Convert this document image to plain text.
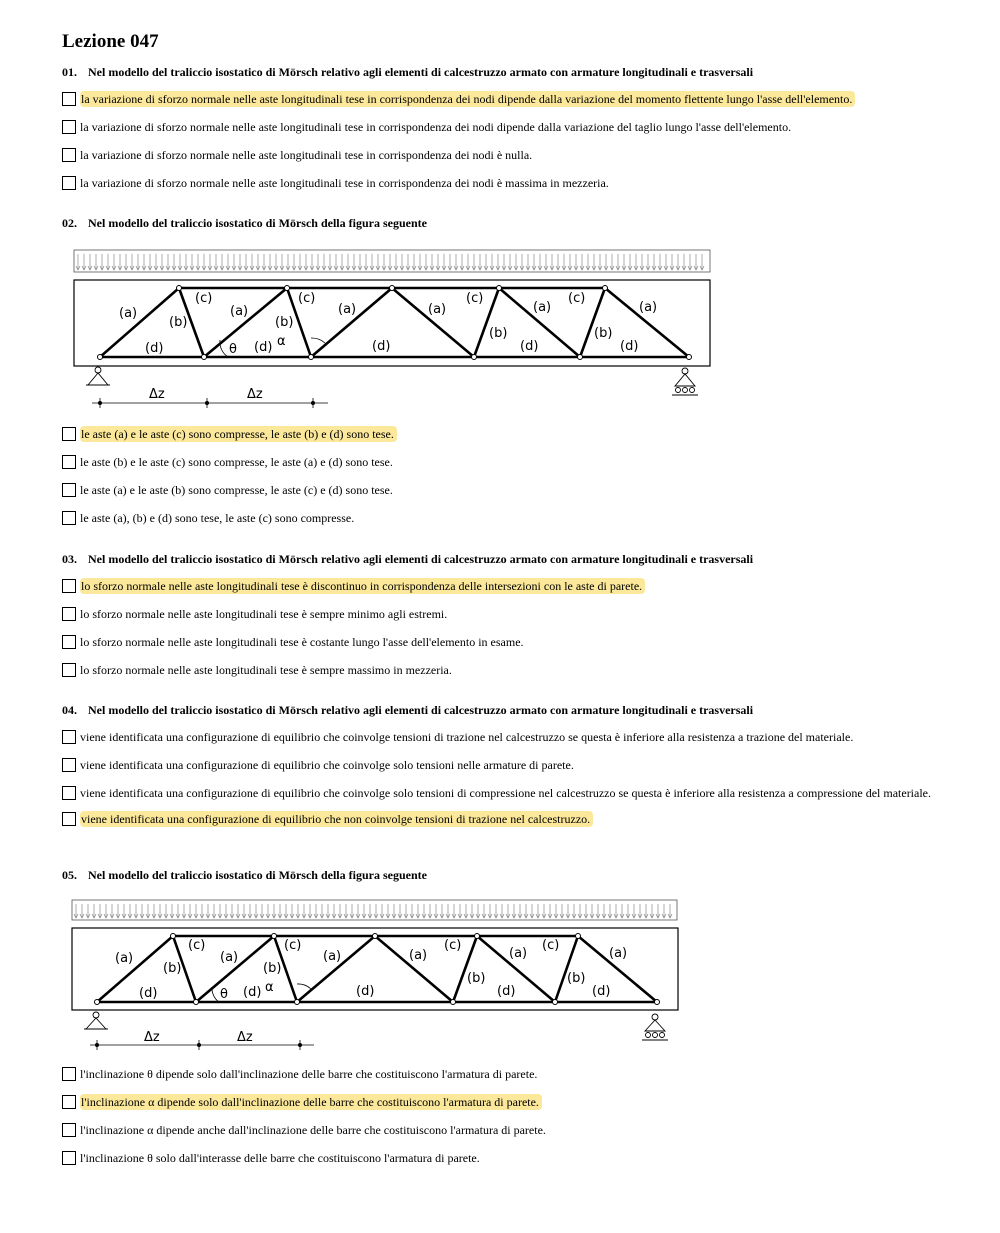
Lezione 047
01. Nel modello del traliccio isostatico di Mörsch relativo agli elementi di calcestruzzo armato con armature longitudinali e trasversali
la variazione di sforzo normale nelle aste longitudinali tese in corrispondenza dei nodi dipende dalla variazione del momento flettente lungo l'asse dell'elemento.
la variazione di sforzo normale nelle aste longitudinali tese in corrispondenza dei nodi dipende dalla variazione del taglio lungo l'asse dell'elemento.
la variazione di sforzo normale nelle aste longitudinali tese in corrispondenza dei nodi è nulla.
la variazione di sforzo normale nelle aste longitudinali tese in corrispondenza dei nodi è massima in mezzeria.
02. Nel modello del traliccio isostatico di Mörsch della figura seguente
(a)	(a)	(a)	(a)	(a)	(a)
(b)	(b)
(b)	(b)
(c)	(c)	(c)	(c)
(d)	(d)	(d)	(d)	(d)
θ
α
Δz	Δz
le aste (a) e le aste (c) sono compresse, le aste (b) e (d) sono tese.
le aste (b) e le aste (c) sono compresse, le aste (a) e (d) sono tese.
le aste (a) e le aste (b) sono compresse, le aste (c) e (d) sono tese.
le aste (a), (b) e (d) sono tese, le aste (c) sono compresse.
03. Nel modello del traliccio isostatico di Mörsch relativo agli elementi di calcestruzzo armato con armature longitudinali e trasversali
lo sforzo normale nelle aste longitudinali tese è discontinuo in corrispondenza delle intersezioni con le aste di parete.
lo sforzo normale nelle aste longitudinali tese è sempre minimo agli estremi.
lo sforzo normale nelle aste longitudinali tese è costante lungo l'asse dell'elemento in esame.
lo sforzo normale nelle aste longitudinali tese è sempre massimo in mezzeria.
04. Nel modello del traliccio isostatico di Mörsch relativo agli elementi di calcestruzzo armato con armature longitudinali e trasversali
viene identificata una configurazione di equilibrio che coinvolge tensioni di trazione nel calcestruzzo se questa è inferiore alla resistenza a trazione del materiale.
viene identificata una configurazione di equilibrio che coinvolge solo tensioni nelle armature di parete.
viene identificata una configurazione di equilibrio che coinvolge solo tensioni di compressione nel calcestruzzo se questa è inferiore alla resistenza a compressione del materiale.
viene identificata una configurazione di equilibrio che non coinvolge tensioni di trazione nel calcestruzzo.
05. Nel modello del traliccio isostatico di Mörsch della figura seguente
(a)	(a)	(a)	(a)	(a)	(a)
(b)	(b)
(b)	(b)
(c)	(c)	(c)	(c)
(d)	(d)	(d)	(d)	(d)
θ	α
Δz	Δz
l'inclinazione θ dipende solo dall'inclinazione delle barre che costituiscono l'armatura di parete.
l'inclinazione α dipende solo dall'inclinazione delle barre che costituiscono l'armatura di parete.
l'inclinazione α dipende anche dall'inclinazione delle barre che costituiscono l'armatura di parete.
l'inclinazione θ solo dall'interasse delle barre che costituiscono l'armatura di parete.
